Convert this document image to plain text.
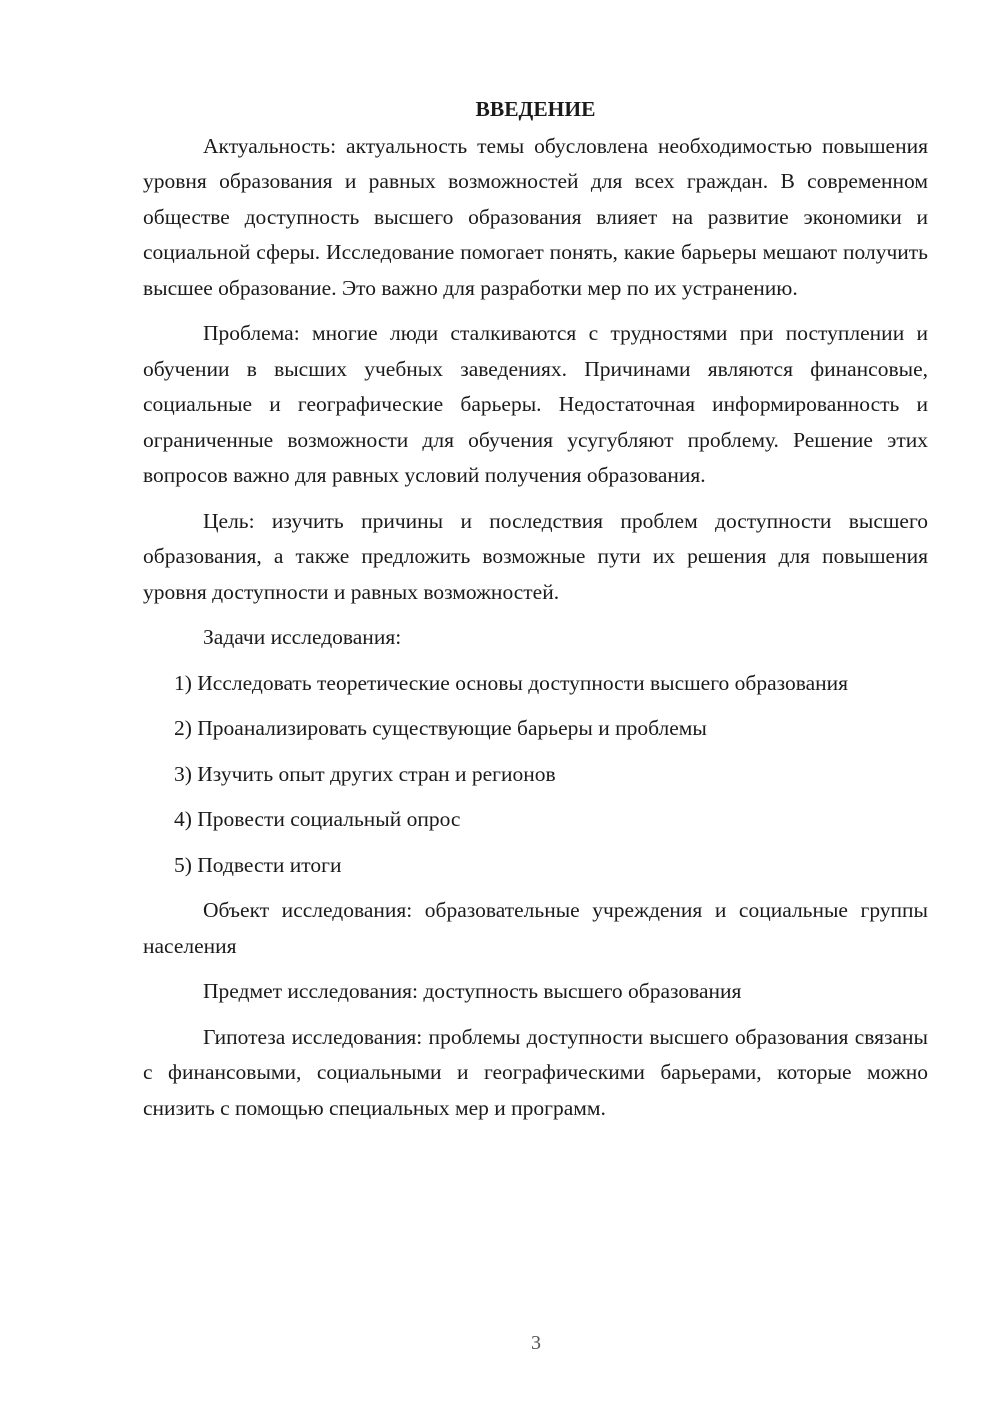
ВВЕДЕНИЕ

Актуальность: актуальность темы обусловлена необходимостью повышения уровня образования и равных возможностей для всех граждан. В современном обществе доступность высшего образования влияет на развитие экономики и социальной сферы. Исследование помогает понять, какие барьеры мешают получить высшее образование. Это важно для разработки мер по их устранению.

Проблема: многие люди сталкиваются с трудностями при поступлении и обучении в высших учебных заведениях. Причинами являются финансовые, социальные и географические барьеры. Недостаточная информированность и ограниченные возможности для обучения усугубляют проблему. Решение этих вопросов важно для равных условий получения образования.

Цель: изучить причины и последствия проблем доступности высшего образования, а также предложить возможные пути их решения для повышения уровня доступности и равных возможностей.

Задачи исследования:

1) Исследовать теоретические основы доступности высшего образования

2) Проанализировать существующие барьеры и проблемы

3) Изучить опыт других стран и регионов

4) Провести социальный опрос

5) Подвести итоги

Объект исследования: образовательные учреждения и социальные группы населения

Предмет исследования: доступность высшего образования

Гипотеза исследования: проблемы доступности высшего образования связаны с финансовыми, социальными и географическими барьерами, которые можно снизить с помощью специальных мер и программ.

3
